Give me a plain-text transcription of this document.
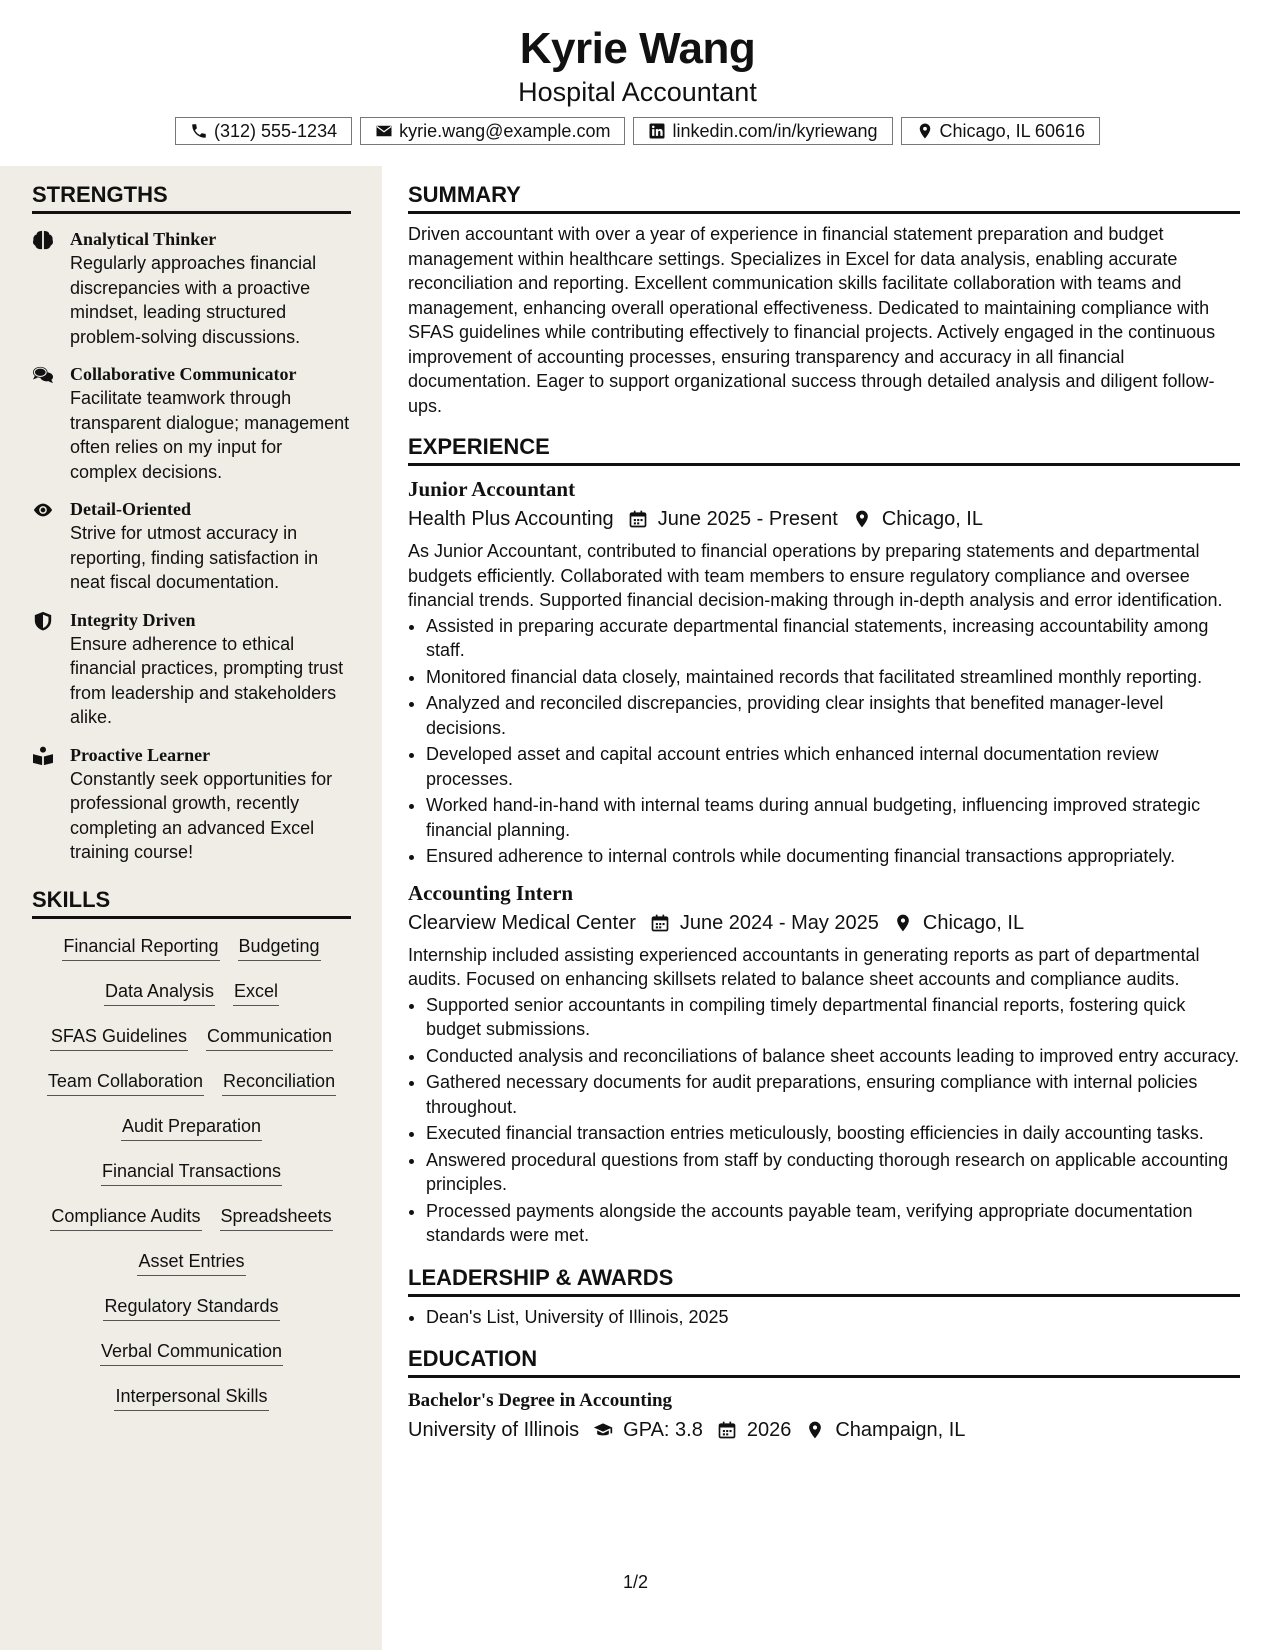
Kyrie Wang
Hospital Accountant
(312) 555-1234	kyrie.wang@example.com	linkedin.com/in/kyriewang	Chicago, IL 60616
STRENGTHS
Analytical Thinker
Regularly approaches financial discrepancies with a proactive mindset, leading structured problem-solving discussions.
Collaborative Communicator
Facilitate teamwork through transparent dialogue; management often relies on my input for complex decisions.
Detail-Oriented
Strive for utmost accuracy in reporting, finding satisfaction in neat fiscal documentation.
Integrity Driven
Ensure adherence to ethical financial practices, prompting trust from leadership and stakeholders alike.
Proactive Learner
Constantly seek opportunities for professional growth, recently completing an advanced Excel training course!
SKILLS
Financial Reporting Budgeting
Data Analysis Excel
SFAS Guidelines Communication
Team Collaboration Reconciliation
Audit Preparation
Financial Transactions
Compliance Audits Spreadsheets
Asset Entries
Regulatory Standards
Verbal Communication
Interpersonal Skills
SUMMARY
Driven accountant with over a year of experience in financial statement preparation and budget management within healthcare settings. Specializes in Excel for data analysis, enabling accurate reconciliation and reporting. Excellent communication skills facilitate collaboration with teams and management, enhancing overall operational effectiveness. Dedicated to maintaining compliance with SFAS guidelines while contributing effectively to financial projects. Actively engaged in the continuous improvement of accounting processes, ensuring transparency and accuracy in all financial documentation. Eager to support organizational success through detailed analysis and diligent follow-ups.
EXPERIENCE
Junior Accountant
Health Plus Accounting June 2025 - Present Chicago, IL
As Junior Accountant, contributed to financial operations by preparing statements and departmental budgets efficiently. Collaborated with team members to ensure regulatory compliance and oversee financial trends. Supported financial decision-making through in-depth analysis and error identification.
• Assisted in preparing accurate departmental financial statements, increasing accountability among staff.
• Monitored financial data closely, maintained records that facilitated streamlined monthly reporting.
• Analyzed and reconciled discrepancies, providing clear insights that benefited manager-level decisions.
• Developed asset and capital account entries which enhanced internal documentation review processes.
• Worked hand-in-hand with internal teams during annual budgeting, influencing improved strategic financial planning.
• Ensured adherence to internal controls while documenting financial transactions appropriately.
Accounting Intern
Clearview Medical Center June 2024 - May 2025 Chicago, IL
Internship included assisting experienced accountants in generating reports as part of departmental audits. Focused on enhancing skillsets related to balance sheet accounts and compliance audits.
• Supported senior accountants in compiling timely departmental financial reports, fostering quick budget submissions.
• Conducted analysis and reconciliations of balance sheet accounts leading to improved entry accuracy.
• Gathered necessary documents for audit preparations, ensuring compliance with internal policies throughout.
• Executed financial transaction entries meticulously, boosting efficiencies in daily accounting tasks.
• Answered procedural questions from staff by conducting thorough research on applicable accounting principles.
• Processed payments alongside the accounts payable team, verifying appropriate documentation standards were met.
LEADERSHIP & AWARDS
• Dean's List, University of Illinois, 2025
EDUCATION
Bachelor's Degree in Accounting
University of Illinois GPA: 3.8 2026 Champaign, IL
1/2
